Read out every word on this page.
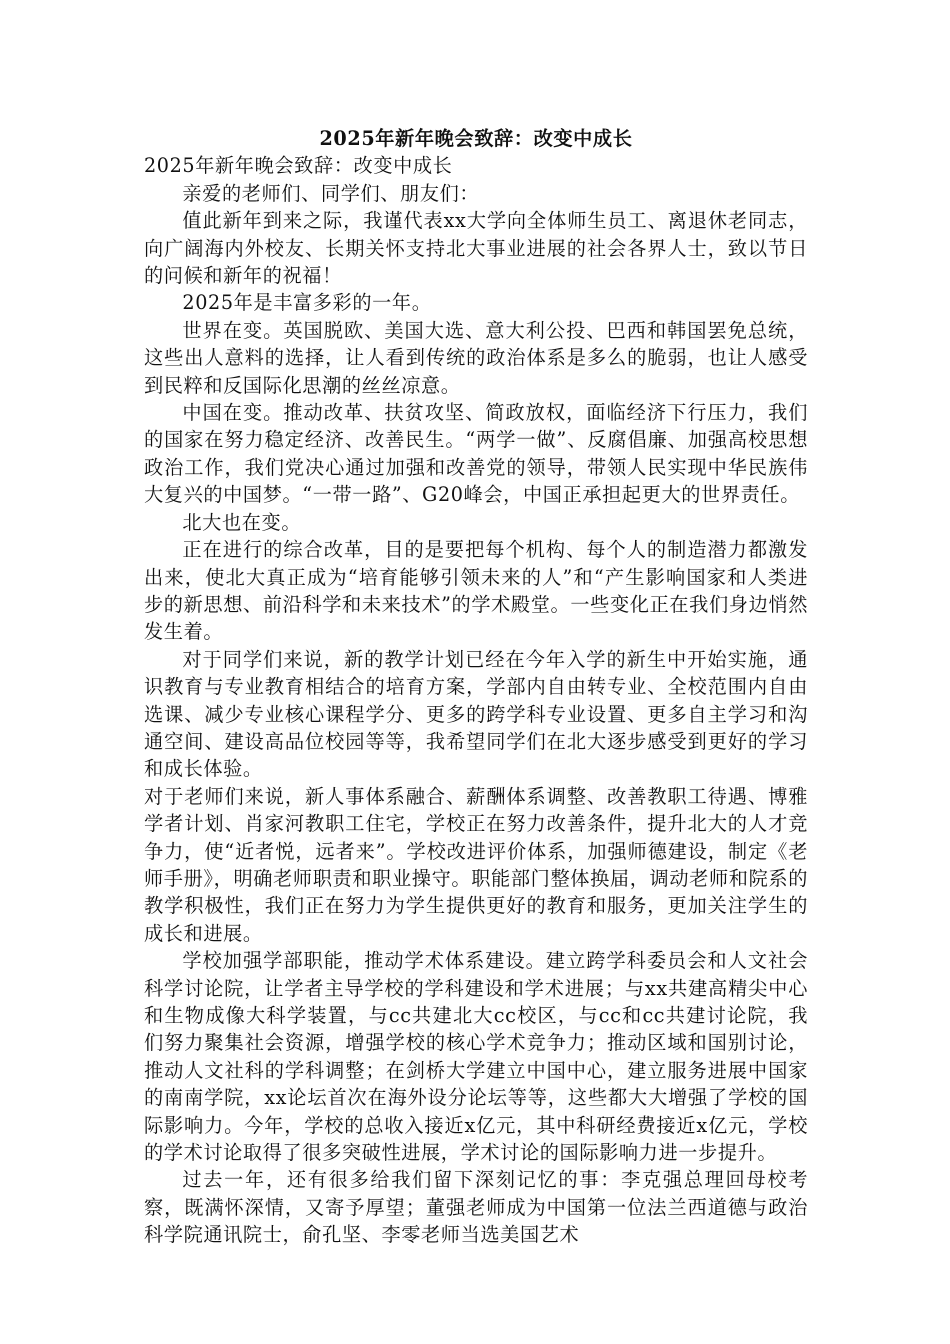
2025年新年晚会致辞：改变中成长

2025年新年晚会致辞：改变中成长

亲爱的老师们、同学们、朋友们：

值此新年到来之际，我谨代表xx大学向全体师生员工、离退休老同志，向广阔海内外校友、长期关怀支持北大事业进展的社会各界人士，致以节日的问候和新年的祝福！

2025年是丰富多彩的一年。

世界在变。英国脱欧、美国大选、意大利公投、巴西和韩国罢免总统，这些出人意料的选择，让人看到传统的政治体系是多么的脆弱，也让人感受到民粹和反国际化思潮的丝丝凉意。

中国在变。推动改革、扶贫攻坚、简政放权，面临经济下行压力，我们的国家在努力稳定经济、改善民生。“两学一做”、反腐倡廉、加强高校思想政治工作，我们党决心通过加强和改善党的领导，带领人民实现中华民族伟大复兴的中国梦。“一带一路”、G20峰会，中国正承担起更大的世界责任。

北大也在变。

正在进行的综合改革，目的是要把每个机构、每个人的制造潜力都激发出来，使北大真正成为“培育能够引领未来的人”和“产生影响国家和人类进步的新思想、前沿科学和未来技术”的学术殿堂。一些变化正在我们身边悄然发生着。

对于同学们来说，新的教学计划已经在今年入学的新生中开始实施，通识教育与专业教育相结合的培育方案，学部内自由转专业、全校范围内自由选课、减少专业核心课程学分、更多的跨学科专业设置、更多自主学习和沟通空间、建设高品位校园等等，我希望同学们在北大逐步感受到更好的学习和成长体验。

对于老师们来说，新人事体系融合、薪酬体系调整、改善教职工待遇、博雅学者计划、肖家河教职工住宅，学校正在努力改善条件，提升北大的人才竞争力，使“近者悦，远者来”。学校改进评价体系，加强师德建设，制定《老师手册》，明确老师职责和职业操守。职能部门整体换届，调动老师和院系的教学积极性，我们正在努力为学生提供更好的教育和服务，更加关注学生的成长和进展。

学校加强学部职能，推动学术体系建设。建立跨学科委员会和人文社会科学讨论院，让学者主导学校的学科建设和学术进展；与xx共建高精尖中心和生物成像大科学装置，与cc共建北大cc校区，与cc和cc共建讨论院，我们努力聚集社会资源，增强学校的核心学术竞争力；推动区域和国别讨论，推动人文社科的学科调整；在剑桥大学建立中国中心，建立服务进展中国家的南南学院，xx论坛首次在海外设分论坛等等，这些都大大增强了学校的国际影响力。今年，学校的总收入接近x亿元，其中科研经费接近x亿元，学校的学术讨论取得了很多突破性进展，学术讨论的国际影响力进一步提升。

过去一年，还有很多给我们留下深刻记忆的事：李克强总理回母校考察，既满怀深情，又寄予厚望；董强老师成为中国第一位法兰西道德与政治科学院通讯院士，俞孔坚、李零老师当选美国艺术
